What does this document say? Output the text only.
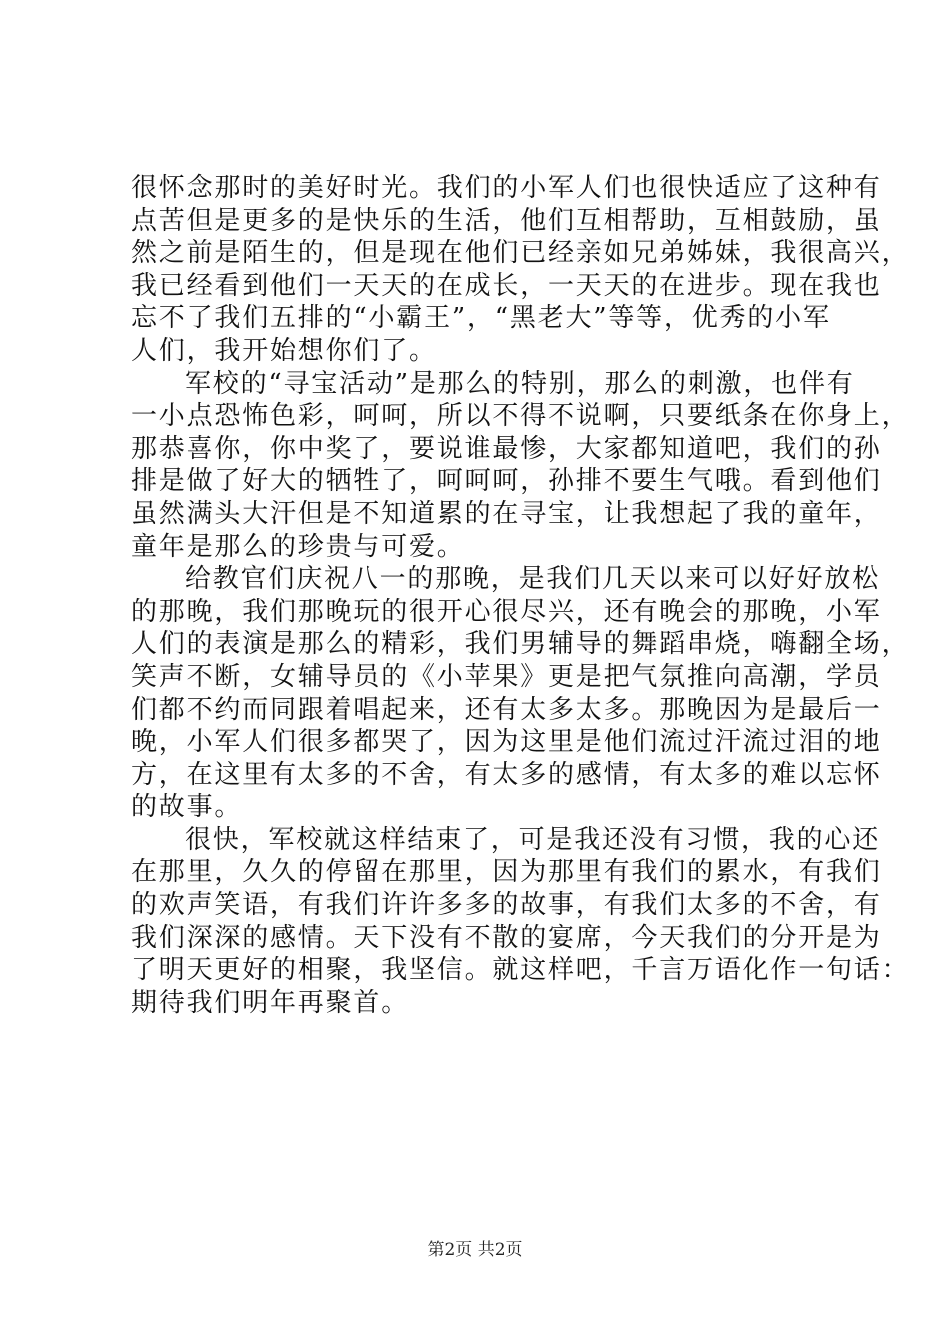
很怀念那时的美好时光。我们的小军人们也很快适应了这种有
点苦但是更多的是快乐的生活，他们互相帮助，互相鼓励，虽
然之前是陌生的，但是现在他们已经亲如兄弟姊妹，我很高兴，
我已经看到他们一天天的在成长，一天天的在进步。现在我也
忘不了我们五排的“小霸王”，“黑老大”等等，优秀的小军
人们，我开始想你们了。
军校的“寻宝活动”是那么的特别，那么的刺激，也伴有
一小点恐怖色彩，呵呵，所以不得不说啊，只要纸条在你身上，
那恭喜你，你中奖了，要说谁最惨，大家都知道吧，我们的孙
排是做了好大的牺牲了，呵呵呵，孙排不要生气哦。看到他们
虽然满头大汗但是不知道累的在寻宝，让我想起了我的童年，
童年是那么的珍贵与可爱。
给教官们庆祝八一的那晚，是我们几天以来可以好好放松
的那晚，我们那晚玩的很开心很尽兴，还有晚会的那晚，小军
人们的表演是那么的精彩，我们男辅导的舞蹈串烧，嗨翻全场，
笑声不断，女辅导员的《小苹果》更是把气氛推向高潮，学员
们都不约而同跟着唱起来，还有太多太多。那晚因为是最后一
晚，小军人们很多都哭了，因为这里是他们流过汗流过泪的地
方，在这里有太多的不舍，有太多的感情，有太多的难以忘怀
的故事。
很快，军校就这样结束了，可是我还没有习惯，我的心还
在那里，久久的停留在那里，因为那里有我们的累水，有我们
的欢声笑语，有我们许许多多的故事，有我们太多的不舍，有
我们深深的感情。天下没有不散的宴席，今天我们的分开是为
了明天更好的相聚，我坚信。就这样吧，千言万语化作一句话：
期待我们明年再聚首。
第2页 共2页
